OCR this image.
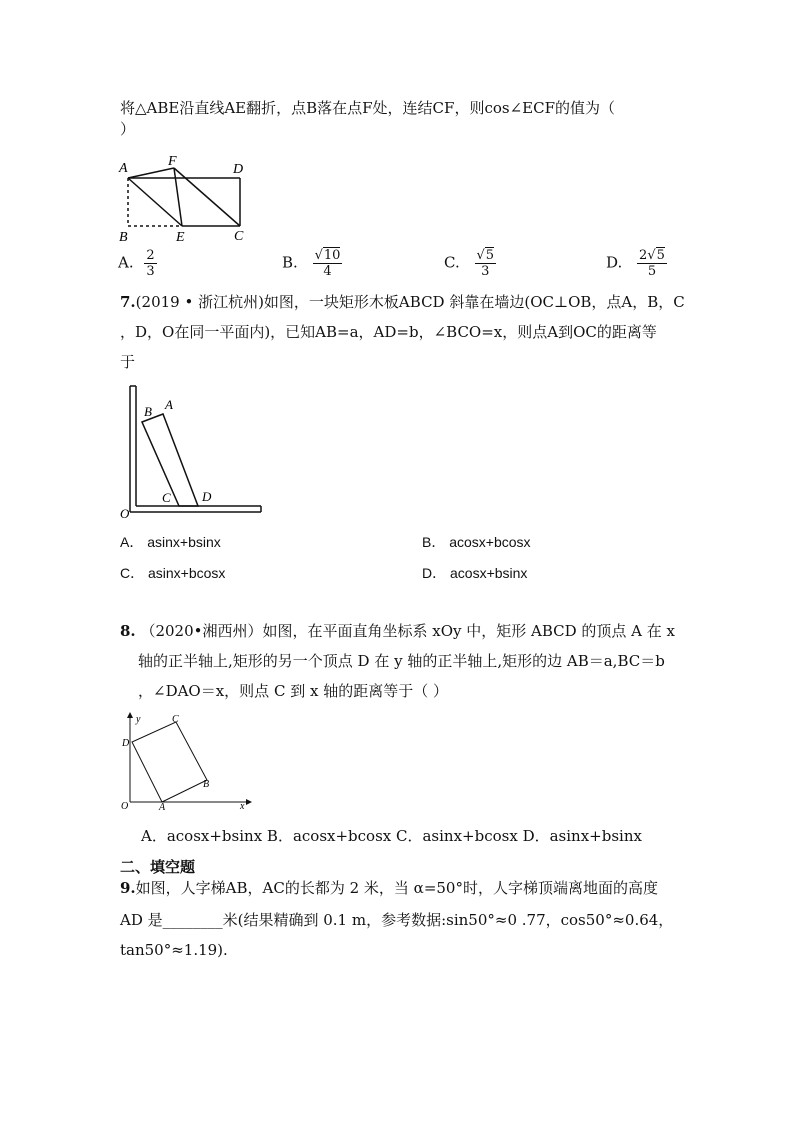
将△ABE沿直线AE翻折，点B落在点F处，连结CF，则cos∠ECF的值为（
）
A	F
D
B	E	C
A. $\frac{2}{3}$	B. $\frac{√10}{4}$	C. $\frac{√5}{3}$	D. $\frac{2√5}{5}$
7.(2019 • 浙江杭州)如图，一块矩形木板ABCD 斜靠在墙边(OC⊥OB，点A，B，C
，D，O在同一平面内)，已知AB=a，AD=b，∠BCO=x，则点A到OC的距离等
于
B A
C D
O
A． asinx+bsinx	B． acosx+bcosx
C． asinx+bcosx	D． acosx+bsinx
8. （2020•湘西州）如图，在平面直角坐标系 xOy 中，矩形 ABCD 的顶点 A 在 x
轴的正半轴上,矩形的另一个顶点 D 在 y 轴的正半轴上,矩形的边 AB＝a,BC＝b
，∠DAO＝x，则点 C 到 x 轴的距离等于（ ）
y	C
D
B
O	A	x
A．acosx+bsinx B．acosx+bcosx C．asinx+bcosx D．asinx+bsinx
二、填空题
9.如图，人字梯AB，AC的长都为 2 米，当 α=50°时，人字梯顶端离地面的高度
AD 是________米(结果精确到 0.1 m，参考数据:sin50°≈0 .77，cos50°≈0.64，
tan50°≈1.19).
